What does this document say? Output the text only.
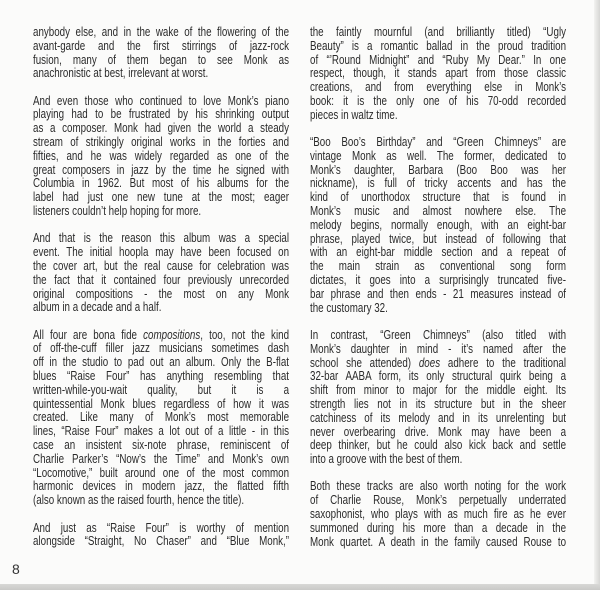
anybody else, and in the wake of the flowering of the
avant-garde and the first stirrings of jazz-rock
fusion, many of them began to see Monk as
anachronistic at best, irrelevant at worst.
And even those who continued to love Monk’s piano
playing had to be frustrated by his shrinking output
as a composer. Monk had given the world a steady
stream of strikingly original works in the forties and
fifties, and he was widely regarded as one of the
great composers in jazz by the time he signed with
Columbia in 1962. But most of his albums for the
label had just one new tune at the most; eager
listeners couldn’t help hoping for more.
And that is the reason this album was a special
event. The initial hoopla may have been focused on
the cover art, but the real cause for celebration was
the fact that it contained four previously unrecorded
original compositions - the most on any Monk
album in a decade and a half.
All four are bona fide compositions, too, not the kind
of off-the-cuff filler jazz musicians sometimes dash
off in the studio to pad out an album. Only the B-flat
blues “Raise Four” has anything resembling that
written-while-you-wait quality, but it is a
quintessential Monk blues regardless of how it was
created. Like many of Monk’s most memorable
lines, “Raise Four” makes a lot out of a little - in this
case an insistent six-note phrase, reminiscent of
Charlie Parker’s “Now’s the Time” and Monk’s own
“Locomotive,” built around one of the most common
harmonic devices in modern jazz, the flatted fifth
(also known as the raised fourth, hence the title).
And just as “Raise Four” is worthy of mention
alongside “Straight, No Chaser” and “Blue Monk,”
the faintly mournful (and brilliantly titled) “Ugly
Beauty” is a romantic ballad in the proud tradition
of “’Round Midnight” and “Ruby My Dear.” In one
respect, though, it stands apart from those classic
creations, and from everything else in Monk’s
book: it is the only one of his 70-odd recorded
pieces in waltz time.
“Boo Boo’s Birthday” and “Green Chimneys” are
vintage Monk as well. The former, dedicated to
Monk’s daughter, Barbara (Boo Boo was her
nickname), is full of tricky accents and has the
kind of unorthodox structure that is found in
Monk’s music and almost nowhere else. The
melody begins, normally enough, with an eight-bar
phrase, played twice, but instead of following that
with an eight-bar middle section and a repeat of
the main strain as conventional song form
dictates, it goes into a surprisingly truncated five-
bar phrase and then ends - 21 measures instead of
the customary 32.
In contrast, “Green Chimneys” (also titled with
Monk’s daughter in mind - it’s named after the
school she attended) does adhere to the traditional
32-bar AABA form, its only structural quirk being a
shift from minor to major for the middle eight. Its
strength lies not in its structure but in the sheer
catchiness of its melody and in its unrelenting but
never overbearing drive. Monk may have been a
deep thinker, but he could also kick back and settle
into a groove with the best of them.
Both these tracks are also worth noting for the work
of Charlie Rouse, Monk’s perpetually underrated
saxophonist, who plays with as much fire as he ever
summoned during his more than a decade in the
Monk quartet. A death in the family caused Rouse to
8
